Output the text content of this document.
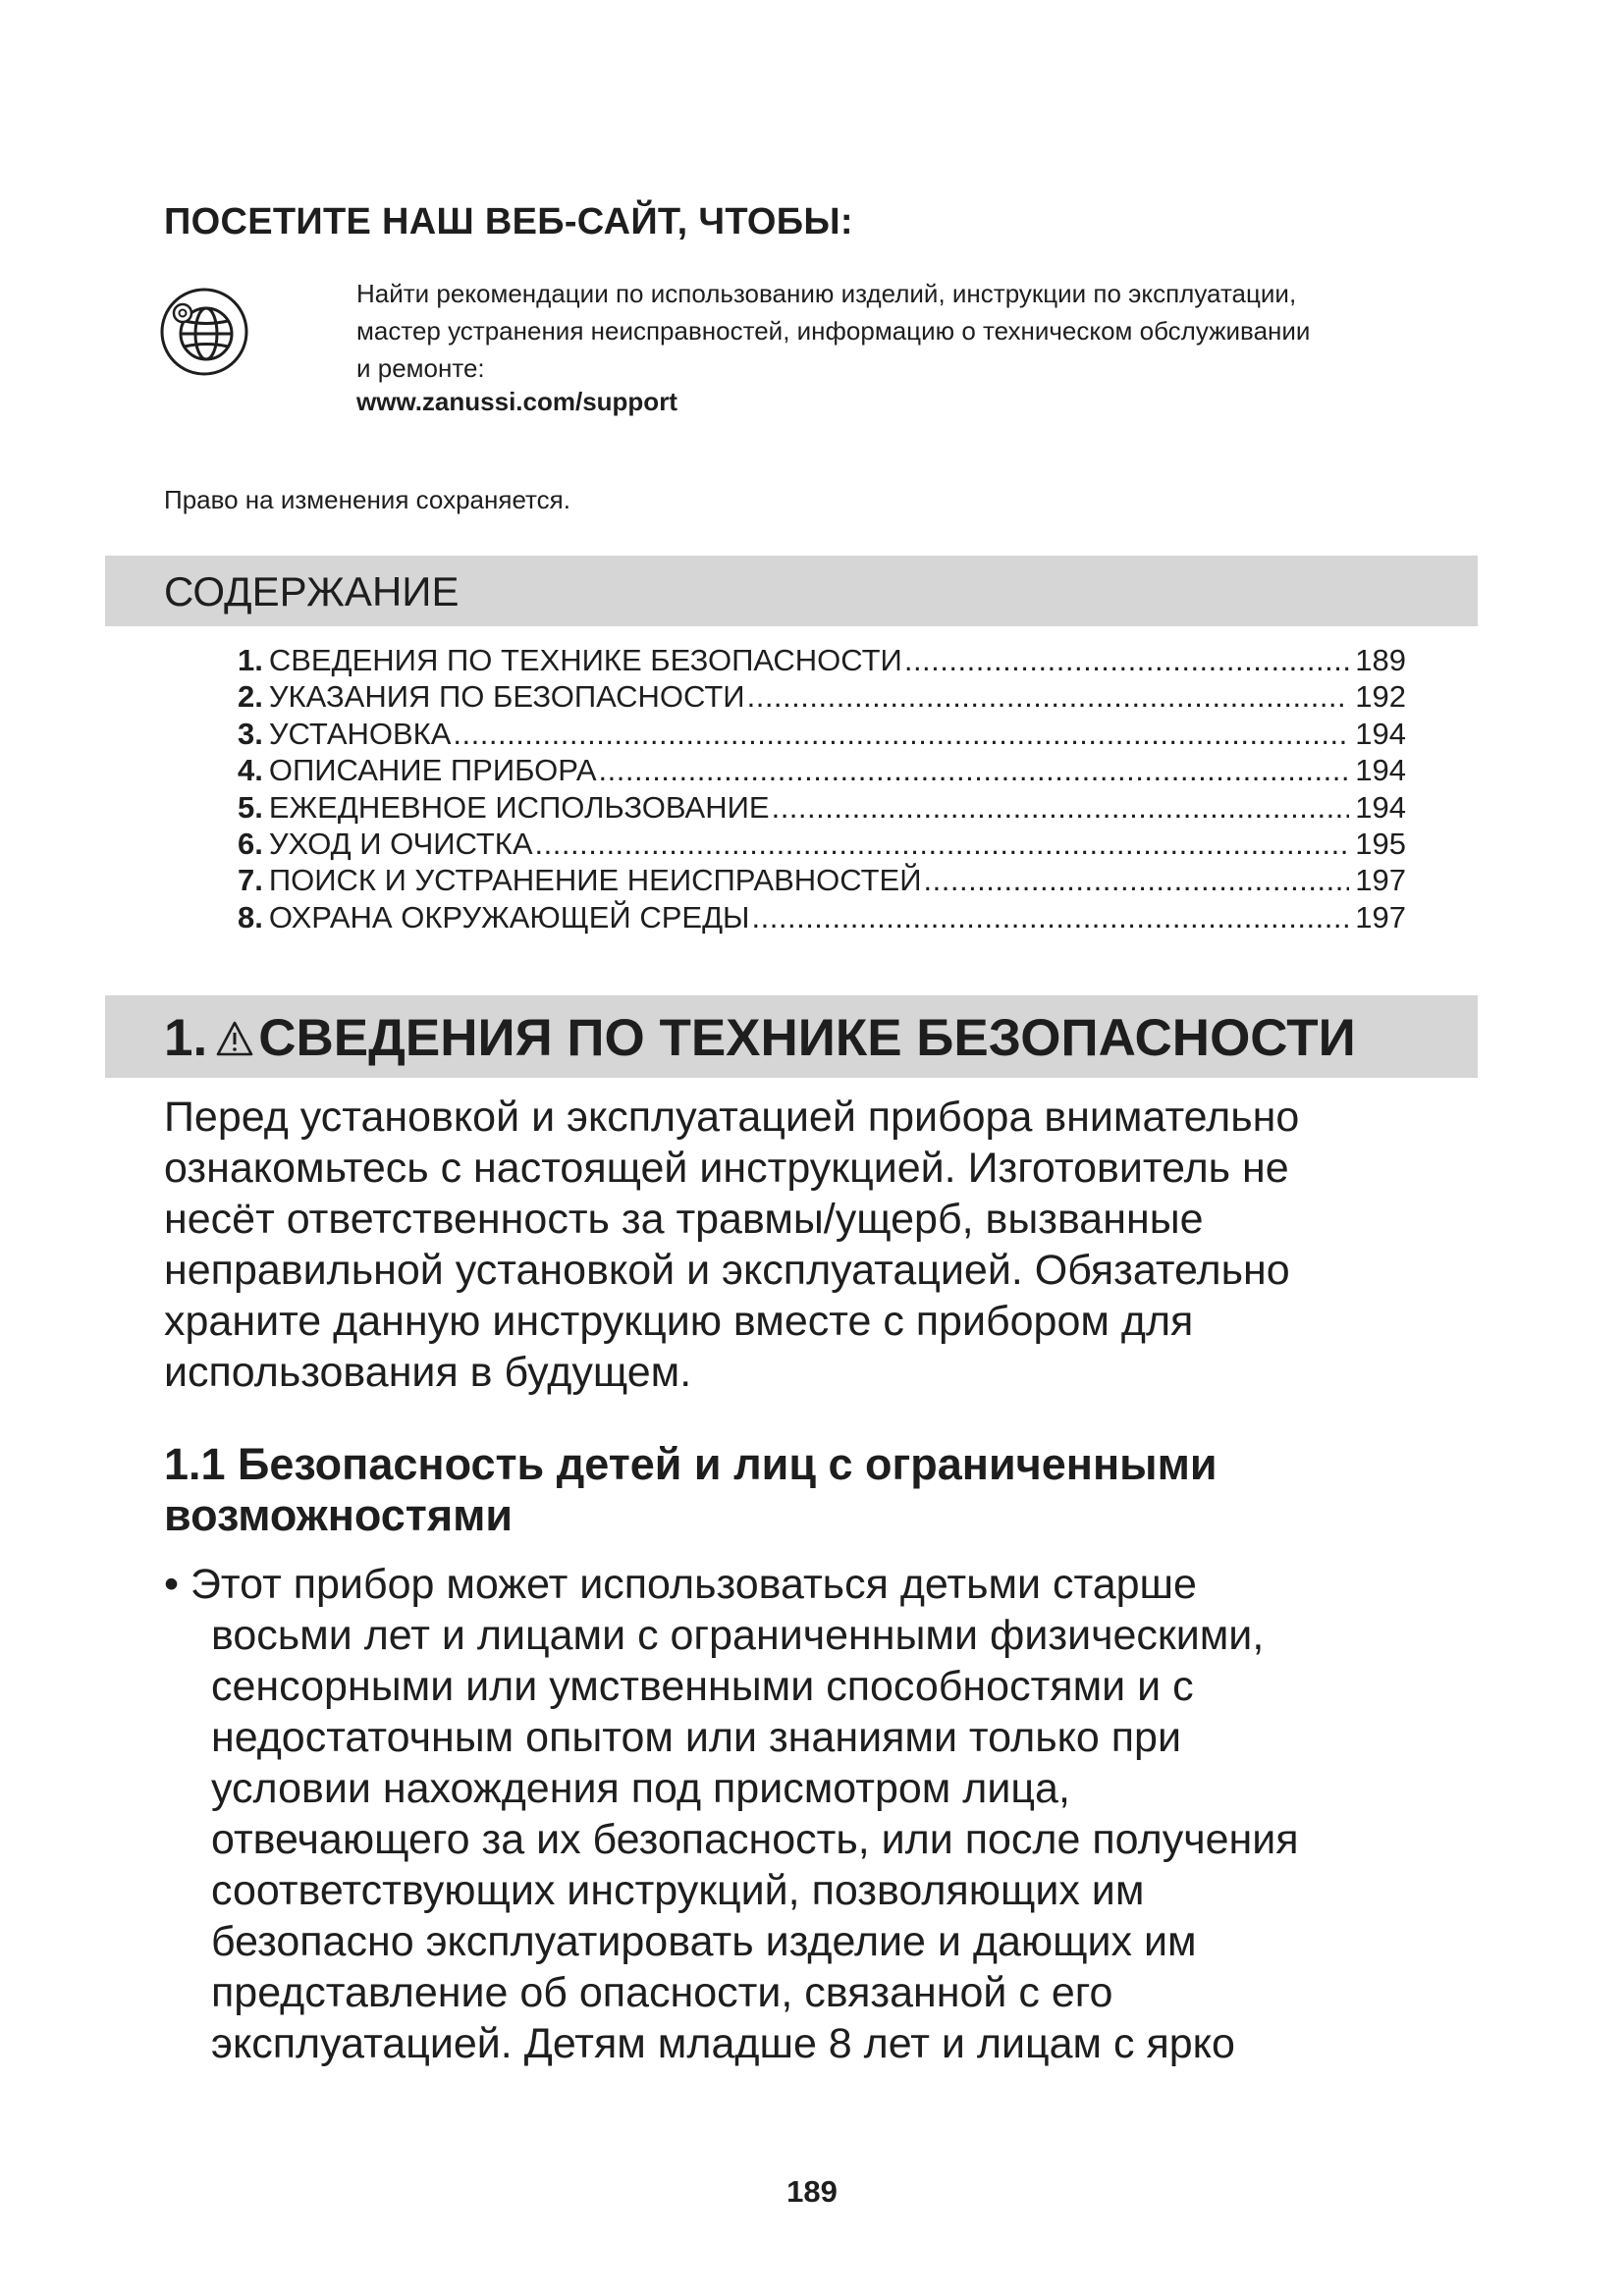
ПОСЕТИТЕ НАШ ВЕБ-САЙТ, ЧТОБЫ:
Найти рекомендации по использованию изделий, инструкции по эксплуатации,
мастер устранения неисправностей, информацию о техническом обслуживании
и ремонте:
www.zanussi.com/support
Право на изменения сохраняется.
СОДЕРЖАНИЕ
1. СВЕДЕНИЯ ПО ТЕХНИКЕ БЕЗОПАСНОСТИ .....	189
2. УКАЗАНИЯ ПО БЕЗОПАСНОСТИ .....	192
3. УСТАНОВКА .....	194
4. ОПИСАНИЕ ПРИБОРА .....	194
5. ЕЖЕДНЕВНОЕ ИСПОЛЬЗОВАНИЕ .....	194
6. УХОД И ОЧИСТКА .....	195
7. ПОИСК И УСТРАНЕНИЕ НЕИСПРАВНОСТЕЙ .....	197
8. ОХРАНА ОКРУЖАЮЩЕЙ СРЕДЫ .....	197
1. СВЕДЕНИЯ ПО ТЕХНИКЕ БЕЗОПАСНОСТИ
Перед установкой и эксплуатацией прибора внимательно
ознакомьтесь с настоящей инструкцией. Изготовитель не
несёт ответственность за травмы/ущерб, вызванные
неправильной установкой и эксплуатацией. Обязательно
храните данную инструкцию вместе с прибором для
использования в будущем.
1.1 Безопасность детей и лиц с ограниченными
возможностями
• Этот прибор может использоваться детьми старше
восьми лет и лицами с ограниченными физическими,
сенсорными или умственными способностями и с
недостаточным опытом или знаниями только при
условии нахождения под присмотром лица,
отвечающего за их безопасность, или после получения
соответствующих инструкций, позволяющих им
безопасно эксплуатировать изделие и дающих им
представление об опасности, связанной с его
эксплуатацией. Детям младше 8 лет и лицам с ярко
189
